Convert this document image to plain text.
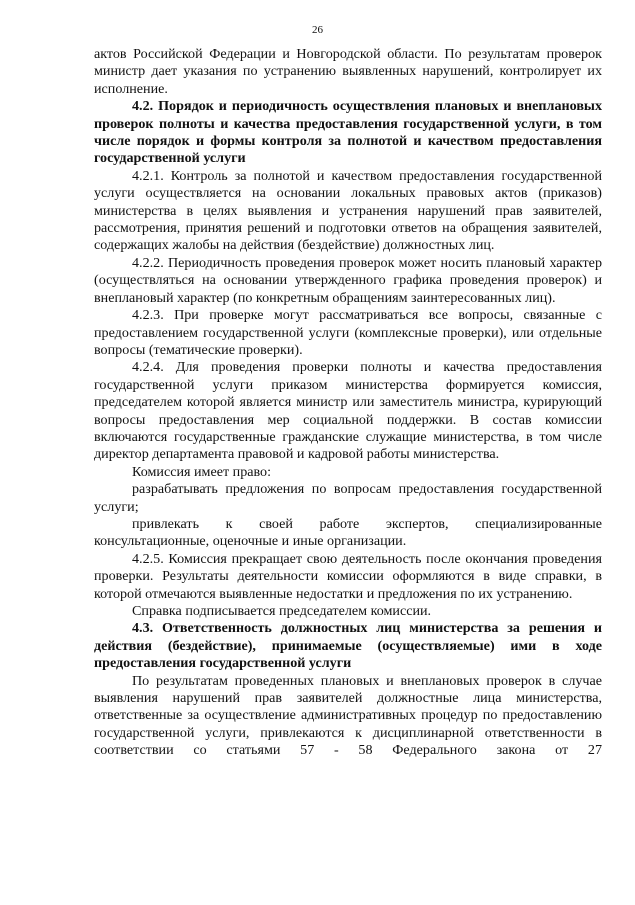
26

актов Российской Федерации и Новгородской области. По результатам проверок министр дает указания по устранению выявленных нарушений, контролирует их исполнение.

4.2. Порядок и периодичность осуществления плановых и внеплановых проверок полноты и качества предоставления государственной услуги, в том числе порядок и формы контроля за полнотой и качеством предоставления государственной услуги

4.2.1. Контроль за полнотой и качеством предоставления государственной услуги осуществляется на основании локальных правовых актов (приказов) министерства в целях выявления и устранения нарушений прав заявителей, рассмотрения, принятия решений и подготовки ответов на обращения заявителей, содержащих жалобы на действия (бездействие) должностных лиц.

4.2.2. Периодичность проведения проверок может носить плановый характер (осуществляться на основании утвержденного графика проведения проверок) и внеплановый характер (по конкретным обращениям заинтересованных лиц).

4.2.3. При проверке могут рассматриваться все вопросы, связанные с предоставлением государственной услуги (комплексные проверки), или отдельные вопросы (тематические проверки).

4.2.4. Для проведения проверки полноты и качества предоставления государственной услуги приказом министерства формируется комиссия, председателем которой является министр или заместитель министра, курирующий вопросы предоставления мер социальной поддержки. В состав комиссии включаются государственные гражданские служащие министерства, в том числе директор департамента правовой и кадровой работы министерства.

Комиссия имеет право:

разрабатывать предложения по вопросам предоставления государственной услуги;

привлекать к своей работе экспертов, специализированные консультационные, оценочные и иные организации.

4.2.5. Комиссия прекращает свою деятельность после окончания проведения проверки. Результаты деятельности комиссии оформляются в виде справки, в которой отмечаются выявленные недостатки и предложения по их устранению.

Справка подписывается председателем комиссии.

4.3. Ответственность должностных лиц министерства за решения и действия (бездействие), принимаемые (осуществляемые) ими в ходе предоставления государственной услуги

По результатам проведенных плановых и внеплановых проверок в случае выявления нарушений прав заявителей должностные лица министерства, ответственные за осуществление административных процедур по предоставлению государственной услуги, привлекаются к дисциплинарной ответственности в соответствии со статьями 57 - 58 Федерального закона от 27
